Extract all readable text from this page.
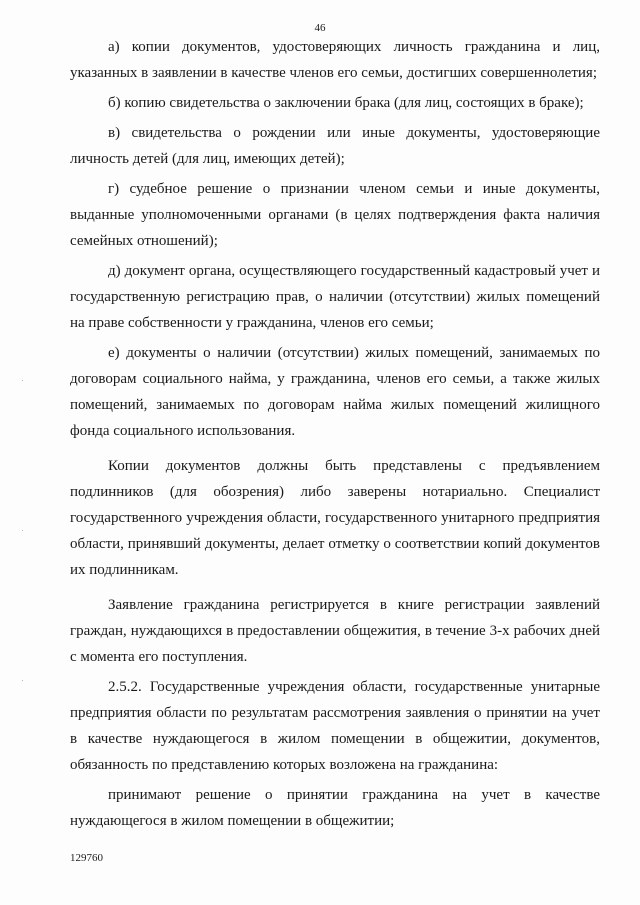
46

а) копии документов, удостоверяющих личность гражданина и лиц, указанных в заявлении в качестве членов его семьи, достигших совершеннолетия;

б) копию свидетельства о заключении брака (для лиц, состоящих в браке);

в) свидетельства о рождении или иные документы, удостоверяющие личность детей (для лиц, имеющих детей);

г) судебное решение о признании членом семьи и иные документы, выданные уполномоченными органами (в целях подтверждения факта наличия семейных отношений);

д) документ органа, осуществляющего государственный кадастровый учет и государственную регистрацию прав, о наличии (отсутствии) жилых помещений на праве собственности у гражданина, членов его семьи;

е) документы о наличии (отсутствии) жилых помещений, занимаемых по договорам социального найма, у гражданина, членов его семьи, а также жилых помещений, занимаемых по договорам найма жилых помещений жилищного фонда социального использования.

Копии документов должны быть представлены с предъявлением подлинников (для обозрения) либо заверены нотариально. Специалист государственного учреждения области, государственного унитарного предприятия области, принявший документы, делает отметку о соответствии копий документов их подлинникам.

Заявление гражданина регистрируется в книге регистрации заявлений граждан, нуждающихся в предоставлении общежития, в течение 3-х рабочих дней с момента его поступления.

2.5.2. Государственные учреждения области, государственные унитарные предприятия области по результатам рассмотрения заявления о принятии на учет в качестве нуждающегося в жилом помещении в общежитии, документов, обязанность по представлению которых возложена на гражданина:

принимают решение о принятии гражданина на учет в качестве нуждающегося в жилом помещении в общежитии;

129760
